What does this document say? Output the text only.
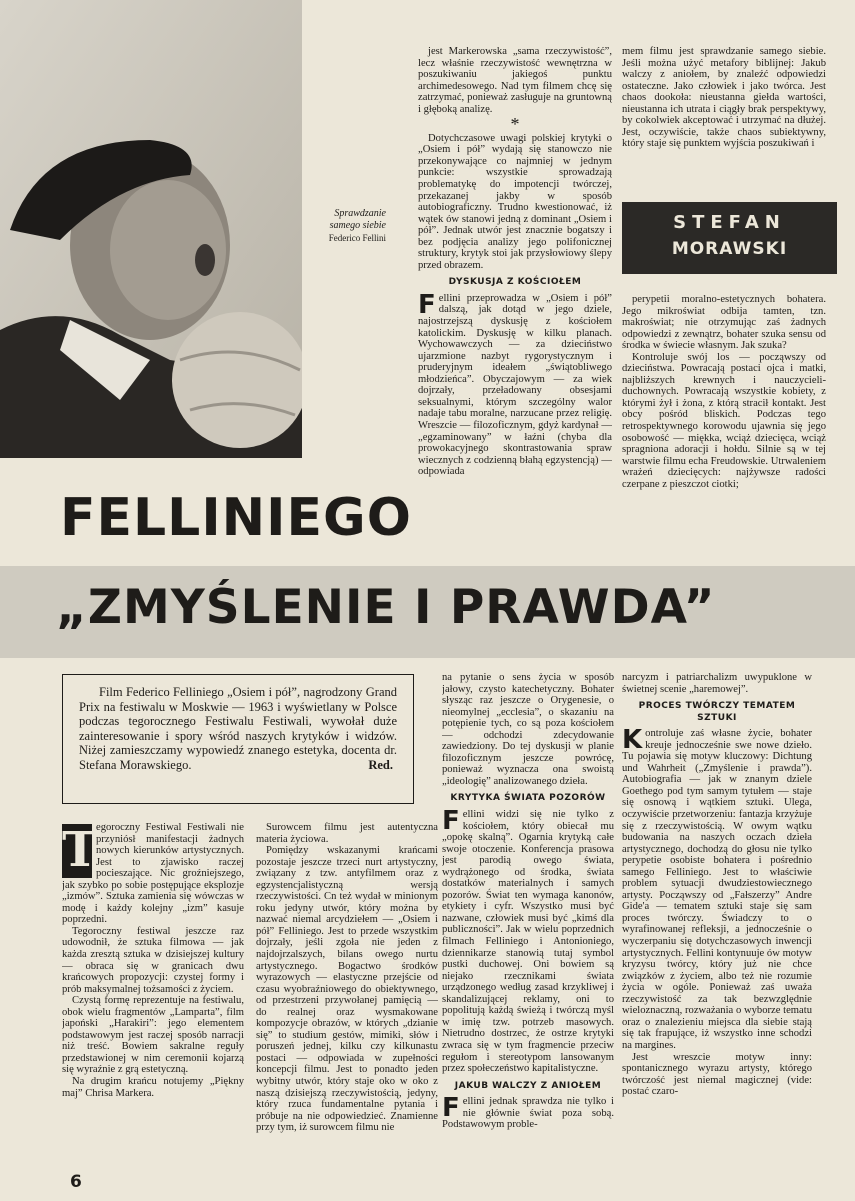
Sprawdzanie
samego siebie
Federico Fellini

jest Markerowska „sama rzeczywistość”, lecz właśnie rzeczywistość wewnętrzna w poszukiwaniu jakiegoś punktu archimedesowego. Nad tym filmem chcę się zatrzymać, ponieważ zasługuje na gruntowną i głęboką analizę.

*

Dotychczasowe uwagi polskiej krytyki o „Osiem i pół” wydają się stanowczo nie przekonywające co najmniej w jednym punkcie: wszystkie sprowadzają problematykę do impotencji twórczej, przekazanej jakby w sposób autobiograficzny. Trudno kwestionować, iż wątek ów stanowi jedną z dominant „Osiem i pół”. Jednak utwór jest znacznie bogatszy i bez podjęcia analizy jego polifonicznej struktury, krytyk stoi jak przysłowiowy ślepy przed obrazem.

DYSKUSJA Z KOŚCIOŁEM

Fellini przeprowadza w „Osiem i pół” dalszą, jak dotąd w jego dziele, najostrzejszą dyskusję z kościołem katolickim. Dyskusję w kilku planach. Wychowawczych — za dzieciństwo ujarzmione nazbyt rygorystycznym i pruderyjnym ideałem „świątobliwego młodzieńca”. Obyczajowym — za wiek dojrzały, przeładowany obsesjami seksualnymi, którym szczególny walor nadaje tabu moralne, narzucane przez religię. Wreszcie — filozoficznym, gdyż kardynał — „egzaminowany” w łaźni (chyba dla prowokacyjnego skontrastowania spraw wiecznych z codzienną błahą egzystencją) — odpowiada

mem filmu jest sprawdzanie samego siebie. Jeśli można użyć metafory biblijnej: Jakub walczy z aniołem, by znaleźć odpowiedzi ostateczne. Jako człowiek i jako twórca. Jest chaos dookoła: nieustanna giełda wartości, nieustanna ich utrata i ciągły brak perspektywy, by cokolwiek akceptować i utrzymać na dłużej. Jest, oczywiście, także chaos subiektywny, który staje się punktem wyjścia poszukiwań i

STEFAN
MORAWSKI

perypetii moralno-estetycznych bohatera. Jego mikroświat odbija tamten, tzn. makroświat; nie otrzymując zaś żadnych odpowiedzi z zewnątrz, bohater szuka sensu od środka w świecie własnym. Jak szuka?

Kontroluje swój los — począwszy od dzieciństwa. Powracają postaci ojca i matki, najbliższych krewnych i nauczycieli-duchownych. Powracają wszystkie kobiety, z którymi żył i żona, z którą stracił kontakt. Jest obcy pośród bliskich. Podczas tego retrospektywnego korowodu ujawnia się jego osobowość — miękka, wciąż dziecięca, wciąż spragniona adoracji i hołdu. Silnie są w tej warstwie filmu echa Freudowskie. Utrwaleniem wrażeń dziecięcych: najżywsze radości czerpane z pieszczot ciotki;

FELLINIEGO
„ZMYŚLENIE I PRAWDA”

Film Federico Felliniego „Osiem i pół”, nagrodzony Grand Prix na festiwalu w Moskwie — 1963 i wyświetlany w Polsce podczas tegorocznego Festiwalu Festiwali, wywołał duże zainteresowanie i spory wśród naszych krytyków i widzów. Niżej zamieszczamy wypowiedź znanego estetyka, docenta dr. Stefana Morawskiego.	Red.

T
egoroczny Festiwal Festiwali nie przyniósł manifestacji żadnych nowych kierunków artystycznych. Jest to zjawisko raczej pocieszające. Nic groźniejszego, jak szybko po sobie postępujące eksplozje „izmów”. Sztuka zamienia się wówczas w modę i każdy kolejny „izm” kasuje poprzedni.

Tegoroczny festiwal jeszcze raz udowodnił, że sztuka filmowa — jak każda zresztą sztuka w dzisiejszej kultury — obraca się w granicach dwu krańcowych propozycji: czystej formy i prób maksymalnej tożsamości z życiem.

Czystą formę reprezentuje na festiwalu, obok wielu fragmentów „Lamparta”, film japoński „Harakiri”: jego elementem podstawowym jest raczej sposób narracji niż treść. Bowiem sakralne reguły przedstawionej w nim ceremonii kojarzą się wyraźnie z grą estetyczną.

Na drugim krańcu notujemy „Piękny maj” Chrisa Markera.

Surowcem filmu jest autentyczna materia życiowa.

Pomiędzy wskazanymi krańcami pozostaje jeszcze trzeci nurt artystyczny, związany z tzw. antyfilmem oraz z egzystencjalistyczną wersją rzeczywistości. Cn też wydał w minionym roku jedyny utwór, który można by nazwać niemal arcydziełem — „Osiem i pół” Felliniego. Jest to przede wszystkim dojrzały, jeśli zgoła nie jeden z najdojrzalszych, bilans owego nurtu artystycznego. Bogactwo środków wyrazowych — elastyczne przejście od czasu wyobraźniowego do obiektywnego, od przestrzeni przywołanej pamięcią — do realnej oraz wysmakowane kompozycje obrazów, w których „dzianie się” to studium gestów, mimiki, słów i poruszeń jednej, kilku czy kilkunastu postaci — odpowiada w zupełności koncepcji filmu. Jest to ponadto jeden wybitny utwór, który staje oko w oko z naszą dzisiejszą rzeczywistością, jedyny, który rzuca fundamentalne pytania i próbuje na nie odpowiedzieć. Znamienne przy tym, iż surowcem filmu nie

na pytanie o sens życia w sposób jałowy, czysto katechetyczny. Bohater słysząc raz jeszcze o Orygenesie, o nieomylnej „ecclesia”, o skazaniu na potępienie tych, co są poza kościołem — odchodzi zdecydowanie zawiedziony. Do tej dyskusji w planie filozoficznym jeszcze powrócę, ponieważ wyznacza ona swoistą „ideologię” analizowanego dzieła.

KRYTYKA ŚWIATA POZORÓW

Fellini widzi się nie tylko z kościołem, który obiecał mu „opokę skalną”. Ogarnia krytyką całe swoje otoczenie. Konferencja prasowa jest parodią owego świata, wydrążonego od środka, świata dostatków materialnych i samych pozorów. Świat ten wymaga kanonów, etykiety i cyfr. Wszystko musi być nazwane, człowiek musi być „kimś dla publiczności”. Jak w wielu poprzednich filmach Felliniego i Antonioniego, dziennikarze stanowią tutaj symbol pustki duchowej. Oni bowiem są niejako rzecznikami świata urządzonego według zasad krzykliwej i skandalizującej reklamy, oni to popolitują każdą świeżą i twórczą myśl w imię tzw. potrzeb masowych. Nietrudno dostrzec, że ostrze krytyki zwraca się w tym fragmencie przeciw regułom i stereotypom lansowanym przez społeczeństwo kapitalistyczne.

JAKUB WALCZY Z ANIOŁEM

Fellini jednak sprawdza nie tylko i nie głównie świat poza sobą. Podstawowym proble-

narcyzm i patriarchalizm uwypuklone w świetnej scenie „haremowej”.

PROCES TWÓRCZY TEMATEM SZTUKI

Kontroluje zaś własne życie, bohater kreuje jednocześnie swe nowe dzieło. Tu pojawia się motyw kluczowy: Dichtung und Wahrheit („Zmyślenie i prawda”). Autobiografia — jak w znanym dziele Goethego pod tym samym tytułem — staje się osnową i wątkiem sztuki. Ulega, oczywiście przetworzeniu: fantazja krzyżuje się z rzeczywistością. W owym wątku budowania na naszych oczach dzieła artystycznego, dochodzą do głosu nie tylko perypetie osobiste bohatera i pośrednio samego Felliniego. Jest to właściwie problem sytuacji dwudziestowiecznego artysty. Począwszy od „Fałszerzy” Andre Gide'a — tematem sztuki staje się sam proces twórczy. Świadczy to o wyrafinowanej refleksji, a jednocześnie o wyczerpaniu się dotychczasowych inwencji artystycznych. Fellini kontynuuje ów motyw kryzysu twórcy, który już nie chce związków z życiem, albo też nie rozumie życia w ogóle. Ponieważ zaś uważa rzeczywistość za tak bezwzględnie wieloznaczną, rozważania o wyborze tematu oraz o znalezieniu miejsca dla siebie stają się tak frapujące, iż wszystko inne schodzi na margines.

Jest wreszcie motyw inny: spontanicznego wyrazu artysty, którego twórczość jest niemal magicznej (vide: postać czaro-

6
